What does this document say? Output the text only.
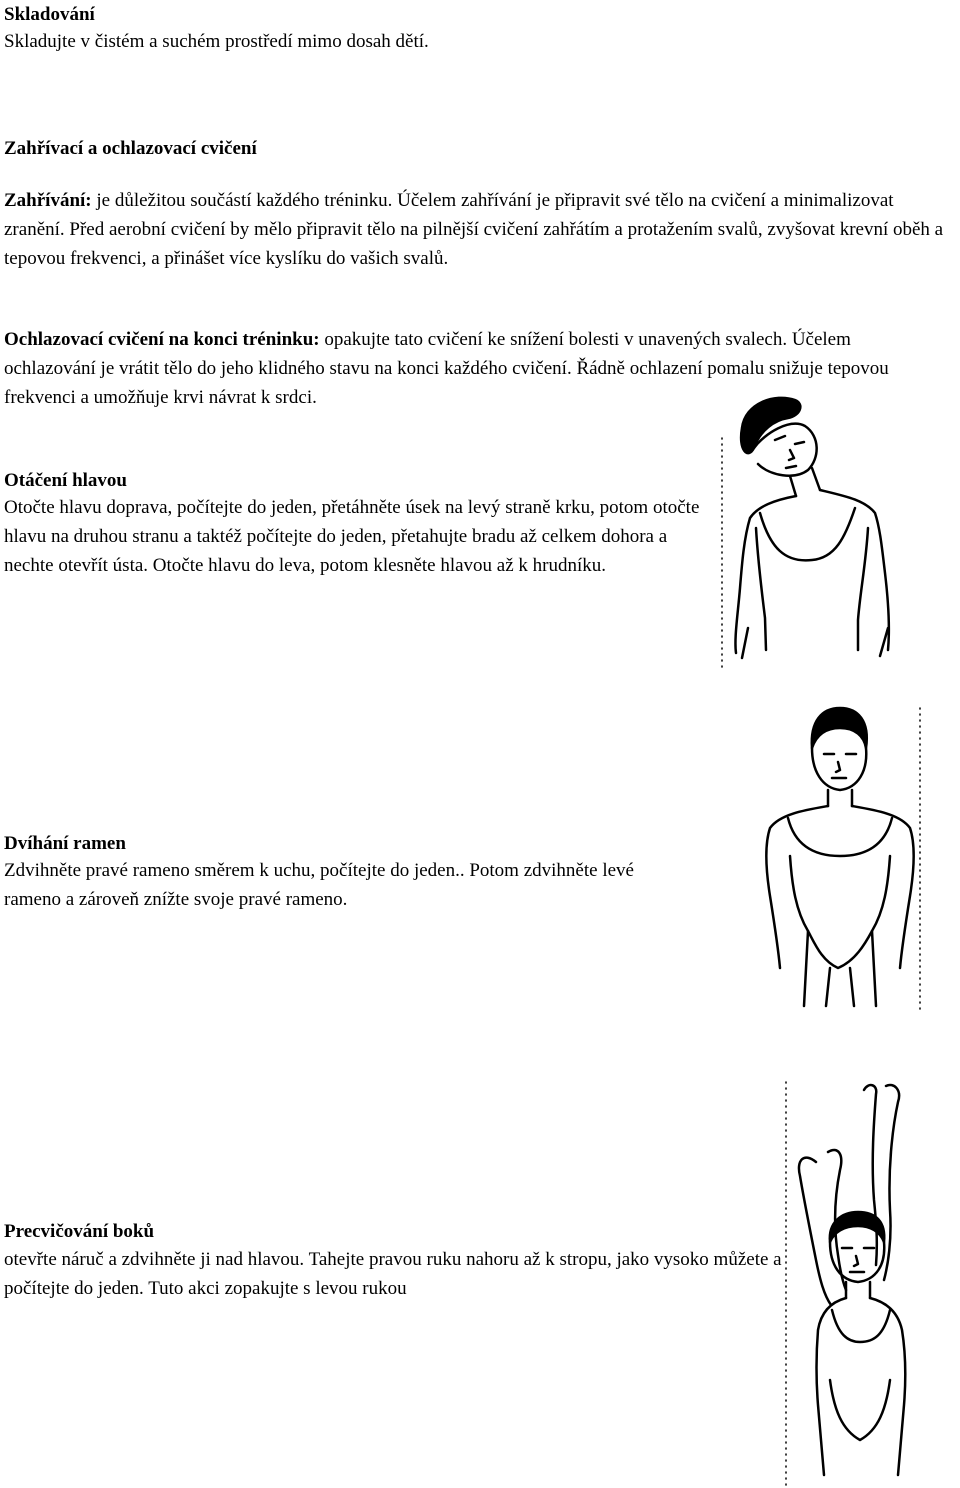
Skladování
Skladujte v čistém a suchém prostředí mimo dosah dětí.
Zahřívací a ochlazovací cvičení

Zahřívání: je důležitou součástí každého tréninku. Účelem zahřívání je připravit své tělo na cvičení a minimalizovat zranění. Před aerobní cvičení by mělo připravit tělo na pilnější cvičení zahřátím a protažením svalů, zvyšovat krevní oběh a tepovou frekvenci, a přinášet více kyslíku do vašich svalů.

Ochlazovací cvičení na konci tréninku: opakujte tato cvičení ke snížení bolesti v unavených svalech. Účelem ochlazování je vrátit tělo do jeho klidného stavu na konci každého cvičení. Řádně ochlazení pomalu snižuje tepovou frekvenci a umožňuje krvi návrat k srdci.

Otáčení hlavou

Otočte hlavu doprava, počítejte do jeden, přetáhněte úsek na levý straně krku, potom otočte hlavu na druhou stranu a taktéž počítejte do jeden, přetahujte bradu až celkem dohora a nechte otevřít ústa. Otočte hlavu do leva, potom klesněte hlavou až k hrudníku.

Dvíhání ramen

Zdvihněte pravé rameno směrem k uchu, počítejte do jeden.. Potom zdvihněte levé rameno a zároveň znížte svoje pravé rameno.

Precvičování boků

otevřte náruč a zdvihněte ji nad hlavou. Tahejte pravou ruku nahoru až k stropu, jako vysoko můžete a počítejte do jeden. Tuto akci zopakujte s levou rukou
